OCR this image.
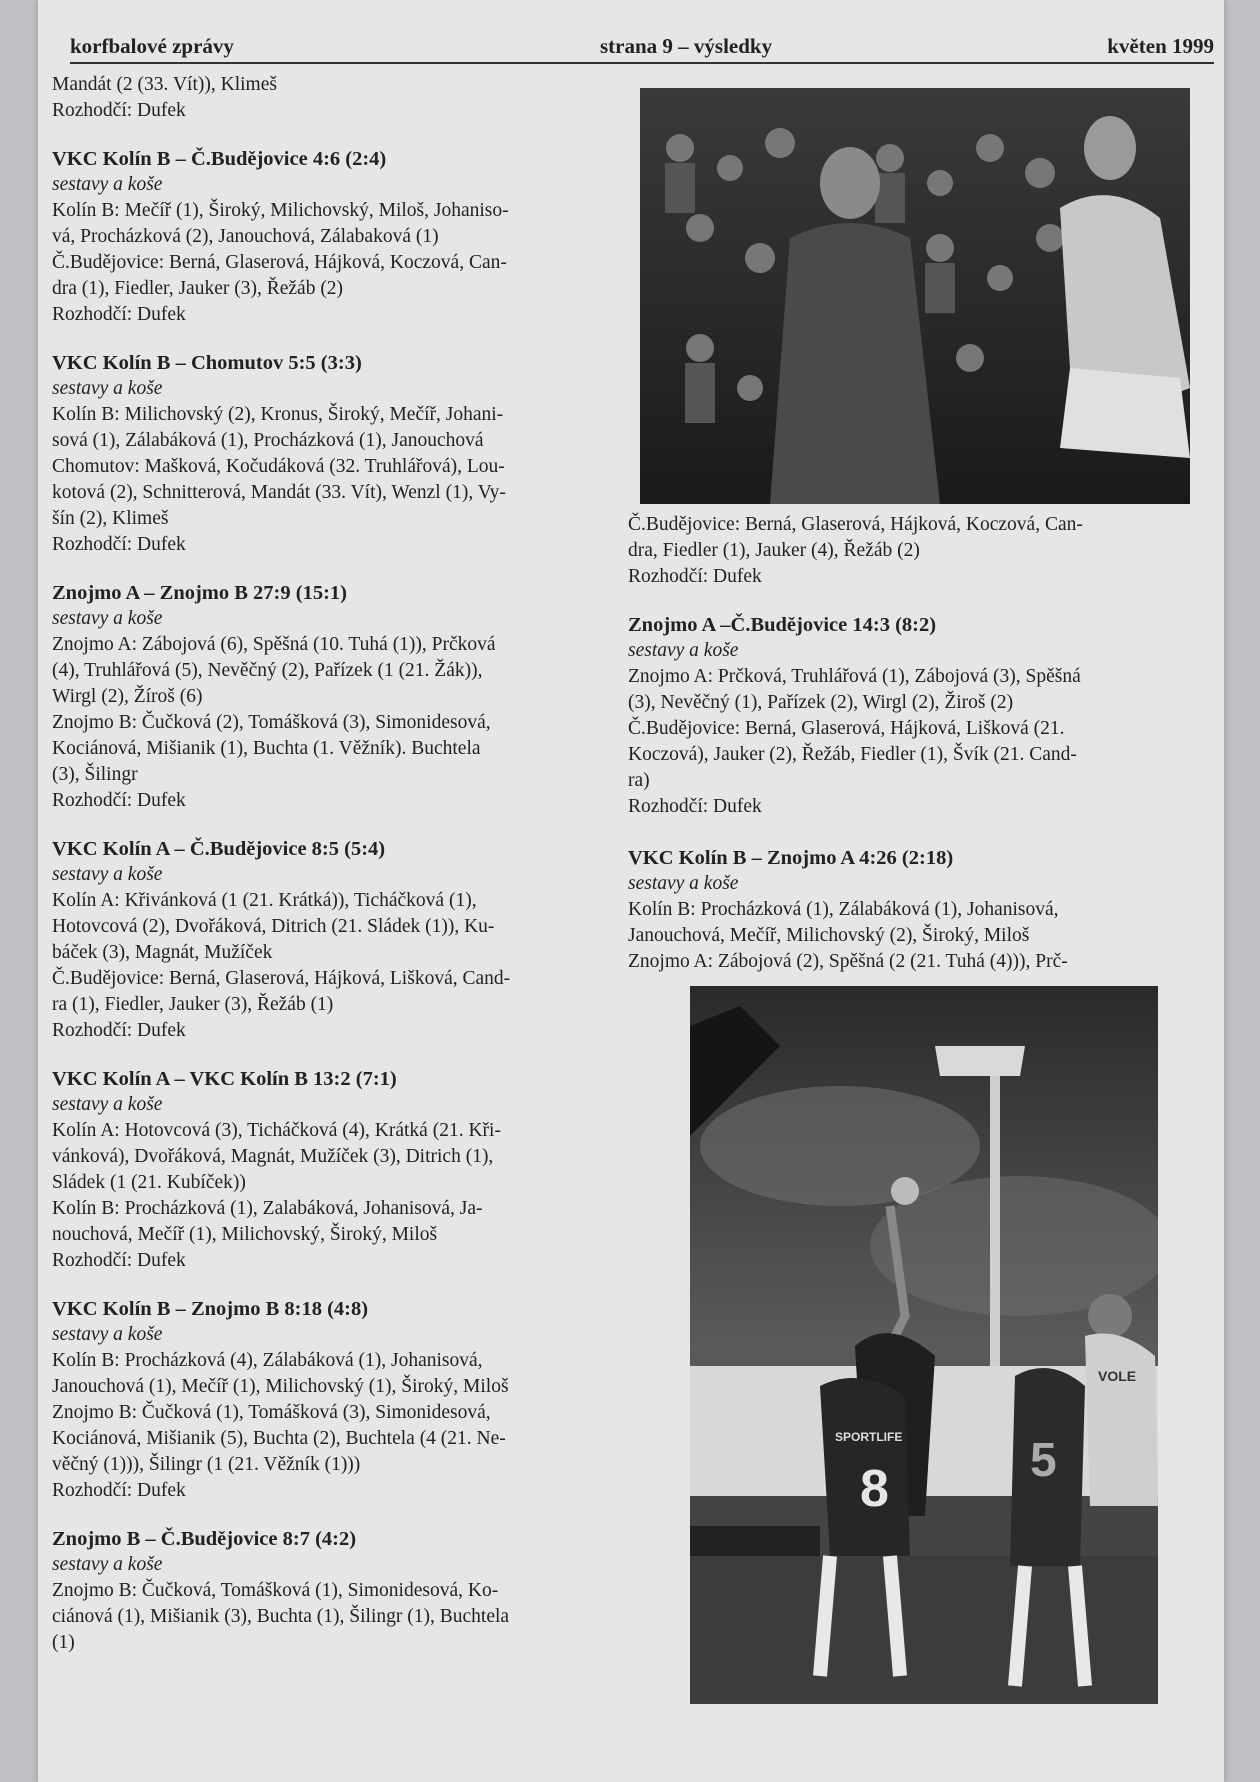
korfbalové zprávy	strana 9 – výsledky	květen 1999
Mandát (2 (33. Vít)), Klimeš
Rozhodčí: Dufek
VKC Kolín B – Č.Budějovice 4:6 (2:4)
sestavy a koše
Kolín B: Mečíř (1), Široký, Milichovský, Miloš, Johaniso-
vá, Procházková (2), Janouchová, Zálabaková (1)
Č.Budějovice: Berná, Glaserová, Hájková, Koczová, Can-
dra (1), Fiedler, Jauker (3), Řežáb (2)
Rozhodčí: Dufek
VKC Kolín B – Chomutov 5:5 (3:3)
sestavy a koše
Kolín B: Milichovský (2), Kronus, Široký, Mečíř, Johani-
sová (1), Zálabáková (1), Procházková (1), Janouchová
Chomutov: Mašková, Kočudáková (32. Truhlářová), Lou-
kotová (2), Schnitterová, Mandát (33. Vít), Wenzl (1), Vy-
šín (2), Klimeš
Rozhodčí: Dufek
Znojmo A – Znojmo B 27:9 (15:1)
sestavy a koše
Znojmo A: Zábojová (6), Spěšná (10. Tuhá (1)), Prčková
(4), Truhlářová (5), Nevěčný (2), Pařízek (1 (21. Žák)),
Wirgl (2), Žíroš (6)
Znojmo B: Čučková (2), Tomášková (3), Simonidesová,
Kociánová, Mišianik (1), Buchta (1. Věžník). Buchtela
(3), Šilingr
Rozhodčí: Dufek
VKC Kolín A – Č.Budějovice 8:5 (5:4)
sestavy a koše
Kolín A: Křivánková (1 (21. Krátká)), Ticháčková (1),
Hotovcová (2), Dvořáková, Ditrich (21. Sládek (1)), Ku-
báček (3), Magnát, Mužíček
Č.Budějovice: Berná, Glaserová, Hájková, Lišková, Cand-
ra (1), Fiedler, Jauker (3), Řežáb (1)
Rozhodčí: Dufek
VKC Kolín A – VKC Kolín B 13:2 (7:1)
sestavy a koše
Kolín A: Hotovcová (3), Ticháčková (4), Krátká (21. Kři-
vánková), Dvořáková, Magnát, Mužíček (3), Ditrich (1),
Sládek (1 (21. Kubíček))
Kolín B: Procházková (1), Zalabáková, Johanisová, Ja-
nouchová, Mečíř (1), Milichovský, Široký, Miloš
Rozhodčí: Dufek
VKC Kolín B – Znojmo B 8:18 (4:8)
sestavy a koše
Kolín B: Procházková (4), Zálabáková (1), Johanisová,
Janouchová (1), Mečíř (1), Milichovský (1), Široký, Miloš
Znojmo B: Čučková (1), Tomášková (3), Simonidesová,
Kociánová, Mišianik (5), Buchta (2), Buchtela (4 (21. Ne-
věčný (1))), Šilingr (1 (21. Věžník (1)))
Rozhodčí: Dufek
Znojmo B – Č.Budějovice 8:7 (4:2)
sestavy a koše
Znojmo B: Čučková, Tomášková (1), Simonidesová, Ko-
ciánová (1), Mišianik (3), Buchta (1), Šilingr (1), Buchtela
(1)
Č.Budějovice: Berná, Glaserová, Hájková, Koczová, Can-
dra, Fiedler (1), Jauker (4), Řežáb (2)
Rozhodčí: Dufek
Znojmo A –Č.Budějovice 14:3 (8:2)
sestavy a koše
Znojmo A: Prčková, Truhlářová (1), Zábojová (3), Spěšná
(3), Nevěčný (1), Pařízek (2), Wirgl (2), Žiroš (2)
Č.Budějovice: Berná, Glaserová, Hájková, Lišková (21.
Koczová), Jauker (2), Řežáb, Fiedler (1), Švík (21. Cand-
ra)
Rozhodčí: Dufek
VKC Kolín B – Znojmo A 4:26 (2:18)
sestavy a koše
Kolín B: Procházková (1), Zálabáková (1), Johanisová,
Janouchová, Mečíř, Milichovský (2), Široký, Miloš
Znojmo A: Zábojová (2), Spěšná (2 (21. Tuhá (4))), Prč-
8
SPORTLIFE	5
VOLE
